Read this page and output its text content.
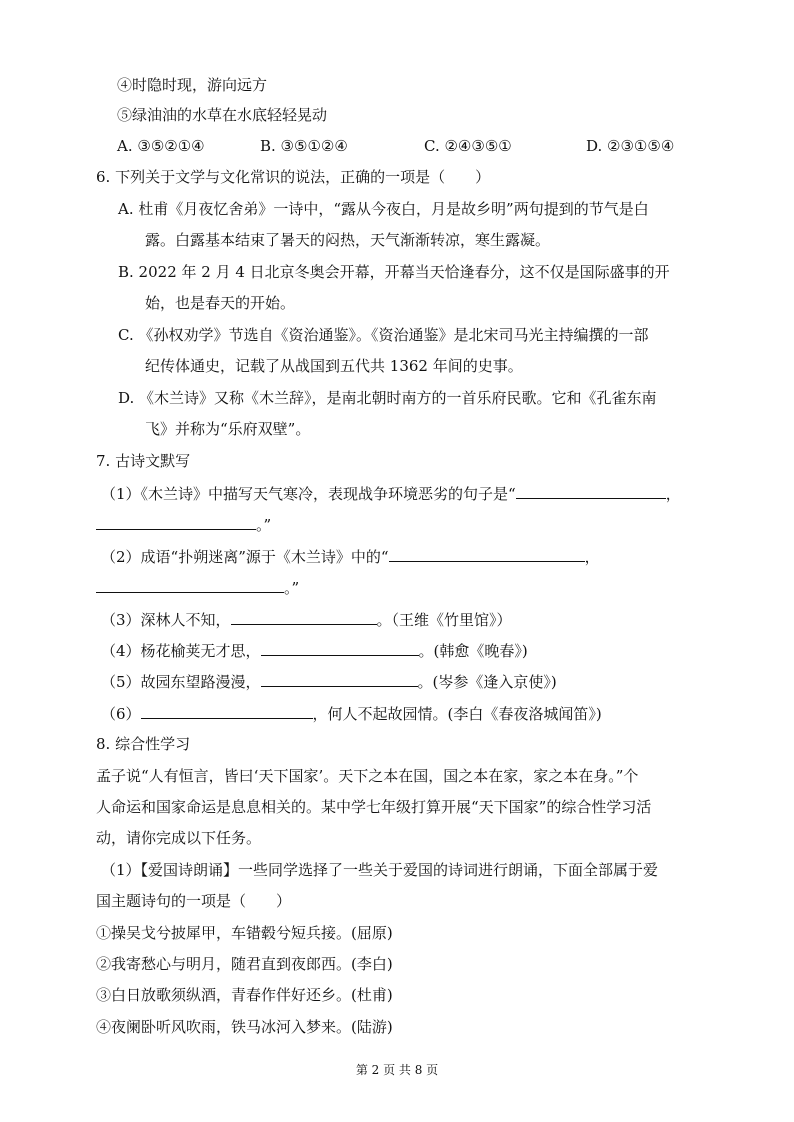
④时隐时现，游向远方
⑤绿油油的水草在水底轻轻晃动
A. ③⑤②①④	B. ③⑤①②④	C. ②④③⑤①	D. ②③①⑤④
6. 下列关于文学与文化常识的说法，正确的一项是（　　）
A. 杜甫《月夜忆舍弟》一诗中，“露从今夜白，月是故乡明”两句提到的节气是白
露。白露基本结束了暑天的闷热，天气渐渐转凉，寒生露凝。
B. 2022 年 2 月 4 日北京冬奥会开幕，开幕当天恰逢春分，这不仅是国际盛事的开
始，也是春天的开始。
C. 《孙权劝学》节选自《资治通鉴》。《资治通鉴》是北宋司马光主持编撰的一部
纪传体通史，记载了从战国到五代共 1362 年间的史事。
D. 《木兰诗》又称《木兰辞》，是南北朝时南方的一首乐府民歌。它和《孔雀东南
飞》并称为“乐府双壁”。
7. 古诗文默写
（1）《木兰诗》中描写天气寒冷，表现战争环境恶劣的句子是“	，
。”
（2）成语“扑朔迷离”源于《木兰诗》中的“	，
。”
（3）深林人不知，	。（王维《竹里馆》）
（4）杨花榆荚无才思，	。(韩愈《晚春》)
（5）故园东望路漫漫，	。(岑参《逢入京使》)
（6）	，何人不起故园情。(李白《春夜洛城闻笛》)
8. 综合性学习
孟子说“人有恒言，皆曰‘天下国家’。天下之本在国，国之本在家，家之本在身。”个
人命运和国家命运是息息相关的。某中学七年级打算开展“天下国家”的综合性学习活
动，请你完成以下任务。
（1）【爱国诗朗诵】一些同学选择了一些关于爱国的诗词进行朗诵，下面全部属于爱
国主题诗句的一项是（　　）
①操吴戈兮披犀甲，车错毂兮短兵接。(屈原)
②我寄愁心与明月，随君直到夜郎西。(李白)
③白日放歌须纵酒，青春作伴好还乡。(杜甫)
④夜阑卧听风吹雨，铁马冰河入梦来。(陆游)
第 2 页 共 8 页
